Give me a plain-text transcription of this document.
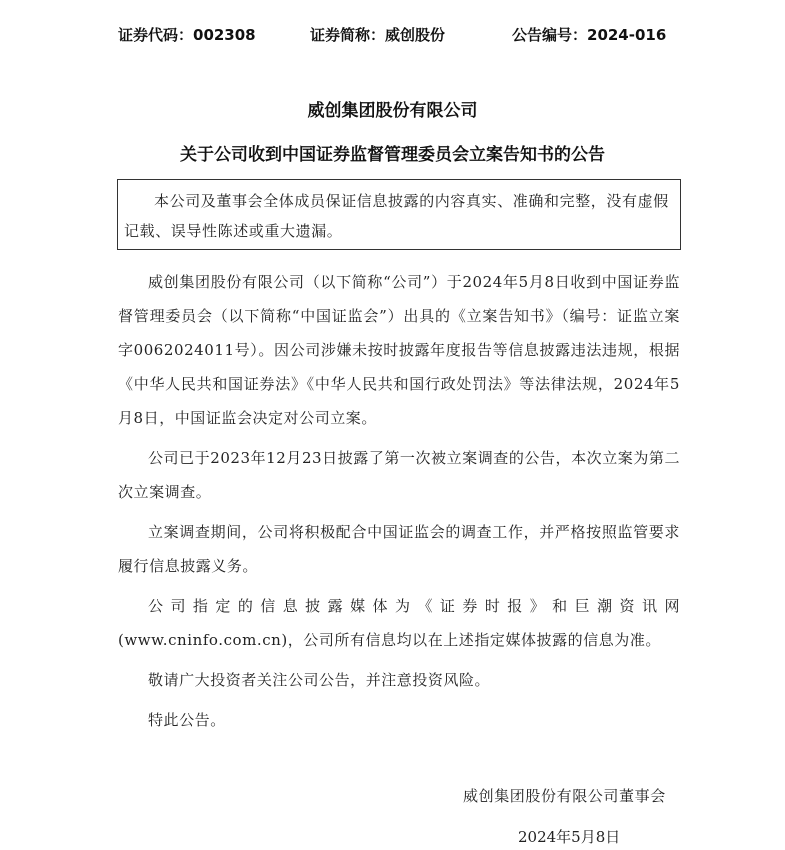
证券代码：002308	证券简称：威创股份	公告编号：2024-016
威创集团股份有限公司
关于公司收到中国证券监督管理委员会立案告知书的公告

本公司及董事会全体成员保证信息披露的内容真实、准确和完整，没有虚假记载、误导性陈述或重大遗漏。

威创集团股份有限公司（以下简称“公司”）于2024年5月8日收到中国证券监督管理委员会（以下简称“中国证监会”）出具的《立案告知书》（编号：证监立案字0062024011号）。因公司涉嫌未按时披露年度报告等信息披露违法违规，根据《中华人民共和国证券法》《中华人民共和国行政处罚法》等法律法规，2024年5月8日，中国证监会决定对公司立案。

公司已于2023年12月23日披露了第一次被立案调查的公告，本次立案为第二次立案调查。

立案调查期间，公司将积极配合中国证监会的调查工作，并严格按照监管要求履行信息披露义务。

公司指定的信息披露媒体为《证券时报》和巨潮资讯网(www.cninfo.com.cn)，公司所有信息均以在上述指定媒体披露的信息为准。

敬请广大投资者关注公司公告，并注意投资风险。

特此公告。

威创集团股份有限公司董事会
2024年5月8日
